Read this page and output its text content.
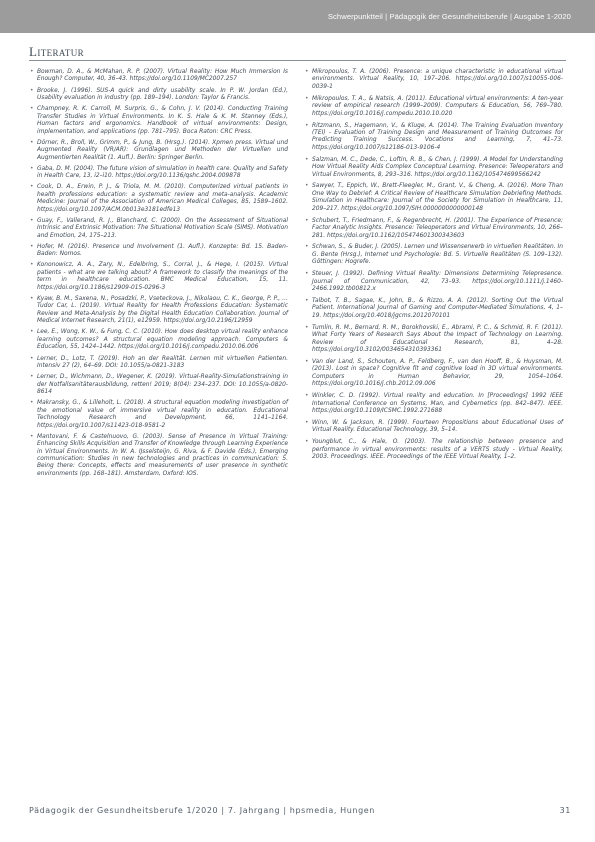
Schwerpunktteil | Pädagogik der Gesundheitsberufe | Ausgabe 1-2020
Literatur
• Bowman, D. A., & McMahan, R. P. (2007). Virtual Reality: How Much Immersion Is Enough? Computer, 40, 36–43. https://doi.org/10.1109/MC2007.257
• Brooke, J. (1996). SUS-A quick and dirty usability scale. In P. W. Jordan (Ed.), Usability evaluation in industry (pp. 189–194). London: Taylor & Francis.
• Champney, R. K. Carroll, M. Surpris, G., & Cohn, J. V. (2014). Conducting Training Transfer Studies in Virtual Environments. In K. S. Hale & K. M. Stanney (Eds.), Human factors and ergonomics. Handbook of virtual environments: Design, implementation, and applications (pp. 781–795). Boca Raton: CRC Press.
• Dörner, R., Broll, W., Grimm, P., & Jung, B. (Hrsg.). (2014). Xpmen press. Virtual und Augmented Reality (VR/AR): Grundlagen und Methoden der Virtuellen und Augmentierten Realität (1. Aufl.). Berlin: Springer Berlin.
• Gaba, D. M. (2004). The future vision of simulation in health care. Quality and Safety in Health Care, 13, i2–i10. https://doi.org/10.1136/qshc.2004.009878
• Cook, D. A., Erwin, P. J., & Triola, M. M. (2010). Computerized virtual patients in health professions education: a systematic review and meta-analysis. Academic Medicine: Journal of the Association of American Medical Colleges, 85, 1589–1602. https://doi.org/10.1097/ACM.0b013e3181edfe13
• Guay, F., Vallerand, R. J., Blanchard, C. (2000). On the Assessment of Situational Intrinsic and Extrinsic Motivation: The Situational Motivation Scale (SIMS). Motivation and Emotion, 24, 175–213.
• Hofer, M. (2016). Presence und Involvement (1. Aufl.). Konzepte: Bd. 15. Baden-Baden: Nomos.
• Kononowicz, A. A., Zary, N., Edelbring, S., Corral, J., & Hege, I. (2015). Virtual patients - what are we talking about? A framework to classify the meanings of the term in healthcare education. BMC Medical Education, 15, 11. https://doi.org/10.1186/s12909-015-0296-3
• Kyaw, B. M., Saxena, N., Posadzki, P., Vseteckova, J., Nikolaou, C. K., George, P. P., … Tudor Car, L. (2019). Virtual Reality for Health Professions Education: Systematic Review and Meta-Analysis by the Digital Health Education Collaboration. Journal of Medical Internet Research, 21(1), e12959. https://doi.org/10.2196/12959
• Lee, E., Wong, K. W., & Fung, C. C. (2010). How does desktop virtual reality enhance learning outcomes? A structural equation modeling approach. Computers & Education, 55, 1424–1442. https://doi.org/10.1016/j.compedu.2010.06.006
• Lerner, D., Lotz, T. (2019). Hoh an der Realität. Lernen mit virtuellen Patienten. Intensiv 27 (2), 64–69. DOI: 10.1055/a-0821-3183
• Lerner, D., Wichmann, D., Wegener, K. (2019). Virtual-Reality-Simulationstraining in der Notfallsanitäterausbildung, retten! 2019; 8(04): 234–237. DOI: 10.1055/a-0820-8614
• Makransky, G., & Lilleholt, L. (2018). A structural equation modeling investigation of the emotional value of immersive virtual reality in education. Educational Technology Research and Development, 66, 1141–1164. https://doi.org/10.1007/s11423-018-9581-2
• Mantovani, F. & Castelnuovo, G. (2003). Sense of Presence in Virtual Training: Enhancing Skills Acquisition and Transfer of Knowledge through Learning Experience in Virtual Environments. In W. A. IJsselsteijn, G. Riva, & F. Davide (Eds.), Emerging communication: Studies in new technologies and practices in communication: 5. Being there: Concepts, effects and measurements of user presence in synthetic environments (pp. 168–181). Amsterdam, Oxford: IOS.
• Mikropoulos, T. A. (2006). Presence: a unique characteristic in educational virtual environments. Virtual Reality, 10, 197–206. https://doi.org/10.1007/s10055-006-0039-1
• Mikropoulos, T. A., & Natsis, A. (2011). Educational virtual environments: A ten-year review of empirical research (1999–2009). Computers & Education, 56, 769–780. https://doi.org/10.1016/j.compedu.2010.10.020
• Ritzmann, S., Hagemann, V., & Kluge, A. (2014). The Training Evaluation Inventory (TEI) - Evaluation of Training Design and Measurement of Training Outcomes for Predicting Training Success. Vocations and Learning, 7, 41–73. https://doi.org/10.1007/s12186-013-9106-4
• Salzman, M. C., Dede, C., Loftin, R. B., & Chen, J. (1999). A Model for Understanding How Virtual Reality Aids Complex Conceptual Learning. Presence: Teleoperators and Virtual Environments, 8, 293–316. https://doi.org/10.1162/105474699566242
• Sawyer, T., Eppich, W., Brett-Fleegler, M., Grant, V., & Cheng, A. (2016). More Than One Way to Debrief: A Critical Review of Healthcare Simulation Debriefing Methods. Simulation in Healthcare: Journal of the Society for Simulation in Healthcare, 11, 209–217. https://doi.org/10.1097/SIH.0000000000000148
• Schubert, T., Friedmann, F., & Regenbrecht, H. (2001). The Experience of Presence: Factor Analytic Insights. Presence: Teleoperators and Virtual Environments, 10, 266–281. https://doi.org/10.1162/105474601300343603
• Schwan, S., & Buder, J. (2005). Lernen und Wissenserwerb in virtuellen Realitäten. In G. Bente (Hrsg.), Internet und Psychologie: Bd. 5. Virtuelle Realitäten (S. 109–132). Göttingen: Hogrefe.
• Steuer, J. (1992). Defining Virtual Reality: Dimensions Determining Telepresence. Journal of Communication, 42, 73–93. https://doi.org/10.1111/j.1460-2466.1992.tb00812.x
• Talbot, T. B., Sagae, K., John, B., & Rizzo, A. A. (2012). Sorting Out the Virtual Patient. International Journal of Gaming and Computer-Mediated Simulations, 4, 1–19. https://doi.org/10.4018/jgcms.2012070101
• Tumlin, R. M., Bernard, R. M., Borokhovski, E., Abrami, P. C., & Schmid, R. F. (2011). What Forty Years of Research Says About the Impact of Technology on Learning. Review of Educational Research, 81, 4–28. https://doi.org/10.3102/0034654310393361
• Van der Land, S., Schouten, A. P., Feldberg, F., van den Hooff, B., & Huysman, M. (2013). Lost in space? Cognitive fit and cognitive load in 3D virtual environments. Computers in Human Behavior, 29, 1054–1064. https://doi.org/10.1016/j.chb.2012.09.006
• Winkler, C. D. (1992). Virtual reality and education. In [Proceedings] 1992 IEEE International Conference on Systems, Man, and Cybernetics (pp. 842–847). IEEE. https://doi.org/10.1109/ICSMC.1992.271688
• Winn, W. & Jackson, R. (1999). Fourteen Propositions about Educational Uses of Virtual Reality. Educational Technology, 39, 5–14.
• Youngblut, C., & Hale, O. (2003). The relationship between presence and performance in virtual environments: results of a VERTS study - Virtual Reality, 2003. Proceedings. IEEE. Proceedings of the IEEE Virtual Reality, 1–2.
Pädagogik der Gesundheitsberufe 1/2020 | 7. Jahrgang | hpsmedia, Hungen	31
